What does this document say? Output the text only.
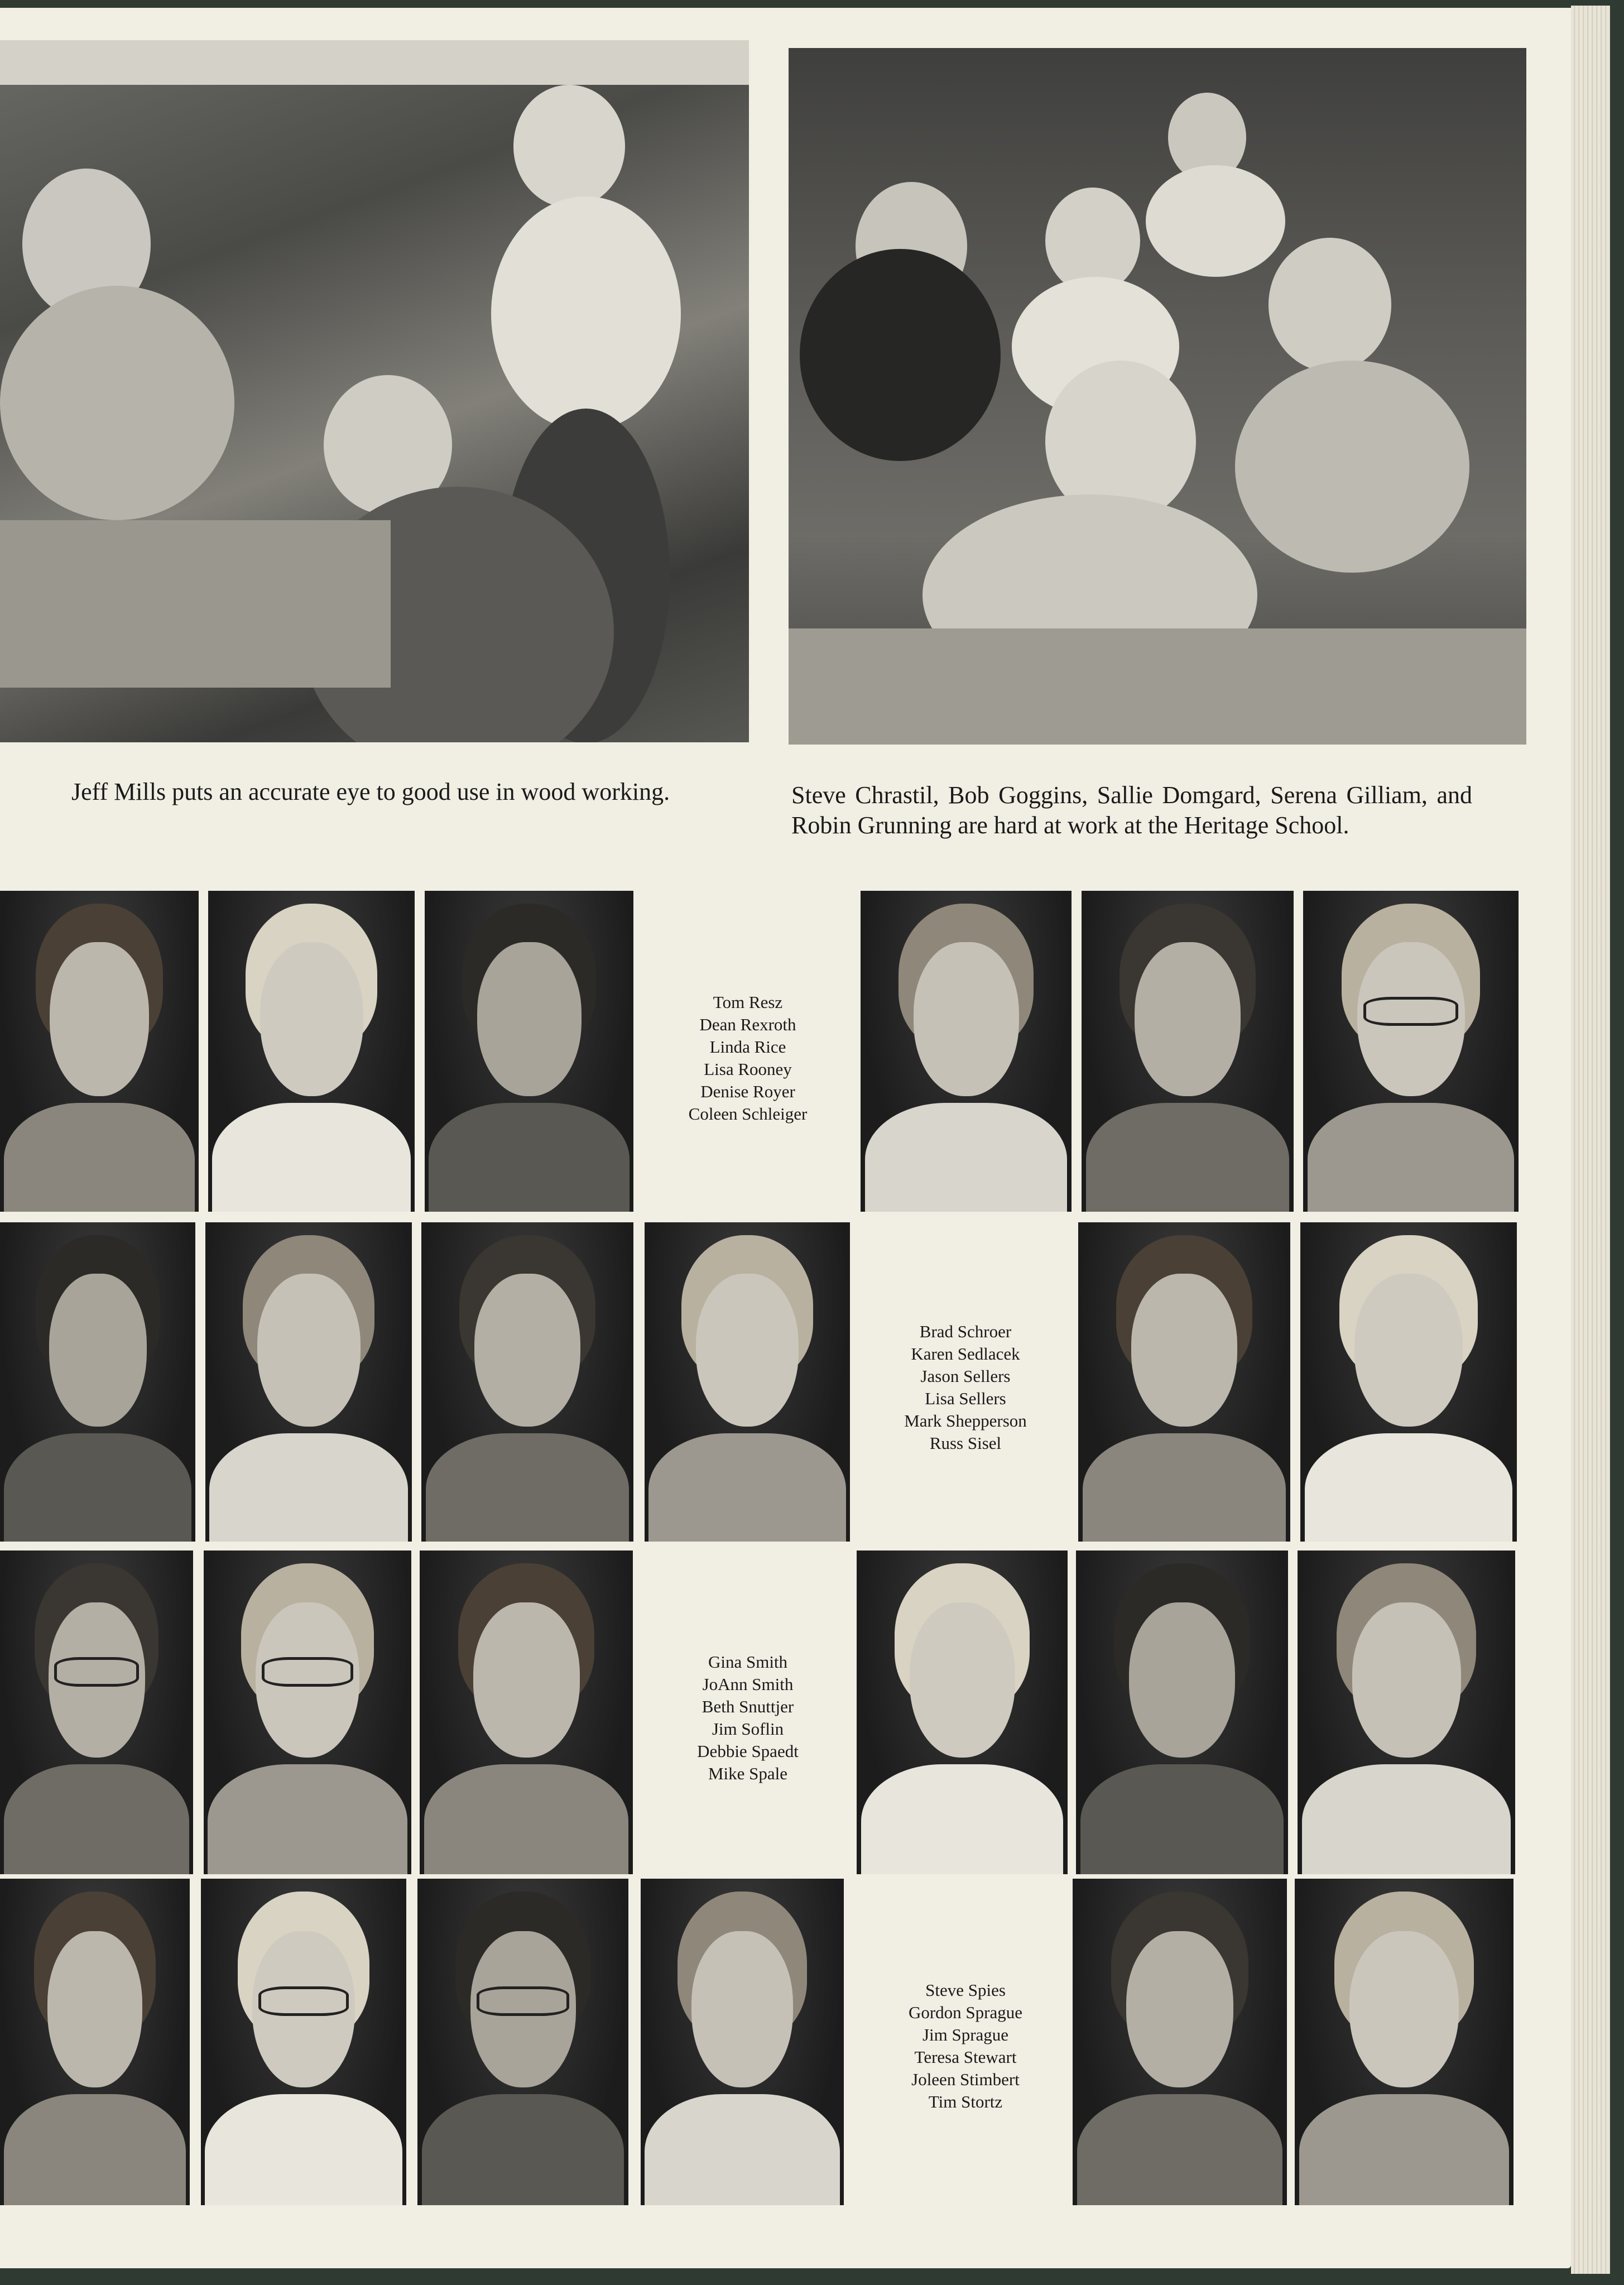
Jeff Mills puts an accurate eye to good use in wood working.	Steve Chrastil, Bob Goggins, Sallie Domgard, Serena Gilliam, and Robin Grunning are hard at work at the Heritage School.
Tom Resz
Dean Rexroth
Linda Rice
Lisa Rooney
Denise Royer
Coleen Schleiger
Brad Schroer
Karen Sedlacek
Jason Sellers
Lisa Sellers
Mark Shepperson
Russ Sisel
Gina Smith
JoAnn Smith
Beth Snuttjer
Jim Soflin
Debbie Spaedt
Mike Spale
Steve Spies
Gordon Sprague
Jim Sprague
Teresa Stewart
Joleen Stimbert
Tim Stortz
